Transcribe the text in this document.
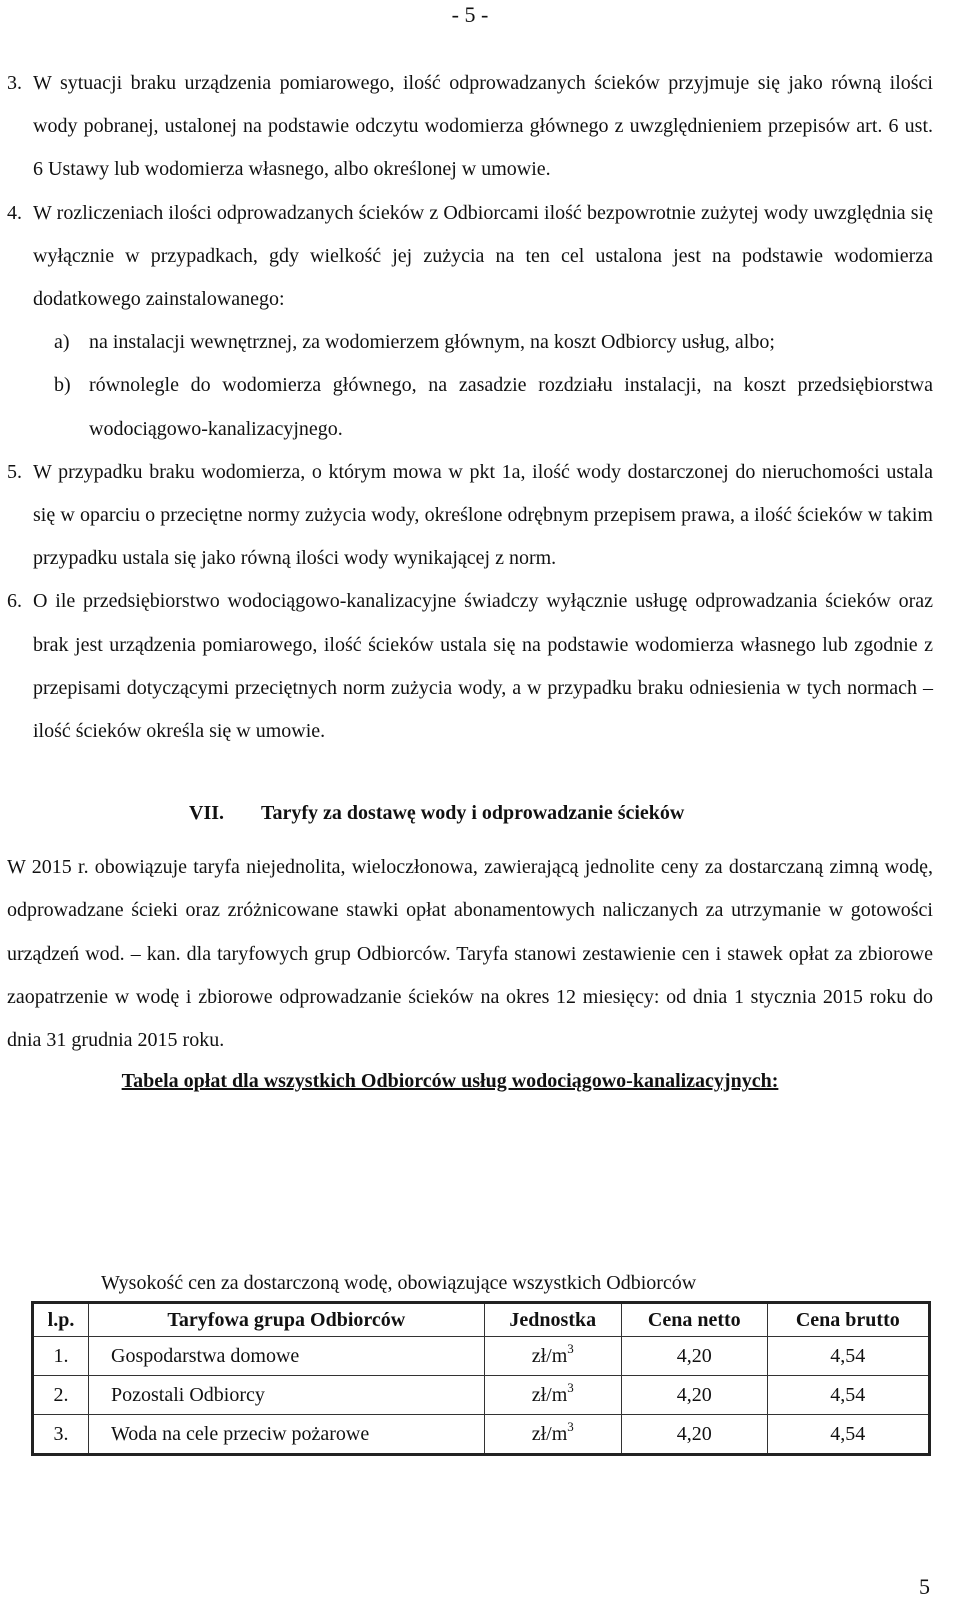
- 5 -

3. W sytuacji braku urządzenia pomiarowego, ilość odprowadzanych ścieków przyjmuje się jako równą ilości wody pobranej, ustalonej na podstawie odczytu wodomierza głównego z uwzględnieniem przepisów art. 6 ust. 6 Ustawy lub wodomierza własnego, albo określonej w umowie.

4. W rozliczeniach ilości odprowadzanych ścieków z Odbiorcami ilość bezpowrotnie zużytej wody uwzględnia się wyłącznie w przypadkach, gdy wielkość jej zużycia na ten cel ustalona jest na podstawie wodomierza dodatkowego zainstalowanego:

a) na instalacji wewnętrznej, za wodomierzem głównym, na koszt Odbiorcy usług, albo;

b) równolegle do wodomierza głównego, na zasadzie rozdziału instalacji, na koszt przedsiębiorstwa wodociągowo-kanalizacyjnego.

5. W przypadku braku wodomierza, o którym mowa w pkt 1a, ilość wody dostarczonej do nieruchomości ustala się w oparciu o przeciętne normy zużycia wody, określone odrębnym przepisem prawa, a ilość ścieków w takim przypadku ustala się jako równą ilości wody wynikającej z norm.

6. O ile przedsiębiorstwo wodociągowo-kanalizacyjne świadczy wyłącznie usługę odprowadzania ścieków oraz brak jest urządzenia pomiarowego, ilość ścieków ustala się na podstawie wodomierza własnego lub zgodnie z przepisami dotyczącymi przeciętnych norm zużycia wody, a w przypadku braku odniesienia w tych normach – ilość ścieków określa się w umowie.

VII. Taryfy za dostawę wody i odprowadzanie ścieków

W 2015 r. obowiązuje taryfa niejednolita, wieloczłonowa, zawierającą jednolite ceny za dostarczaną zimną wodę, odprowadzane ścieki oraz zróżnicowane stawki opłat abonamentowych naliczanych za utrzymanie w gotowości urządzeń wod. – kan. dla taryfowych grup Odbiorców. Taryfa stanowi zestawienie cen i stawek opłat za zbiorowe zaopatrzenie w wodę i zbiorowe odprowadzanie ścieków na okres 12 miesięcy: od dnia 1 stycznia 2015 roku do dnia 31 grudnia 2015 roku.

Tabela opłat dla wszystkich Odbiorców usług wodociągowo-kanalizacyjnych:
Wysokość cen za dostarczoną wodę, obowiązujące wszystkich Odbiorców
l.p.	Taryfowa grupa Odbiorców	Jednostka	Cena netto	Cena brutto
1.	Gospodarstwa domowe	$zł/m^3$	4,20	4,54
2.	Pozostali Odbiorcy	$zł/m^3$	4,20	4,54
3.	Woda na cele przeciw pożarowe	$zł/m^3$	4,20	4,54
5
